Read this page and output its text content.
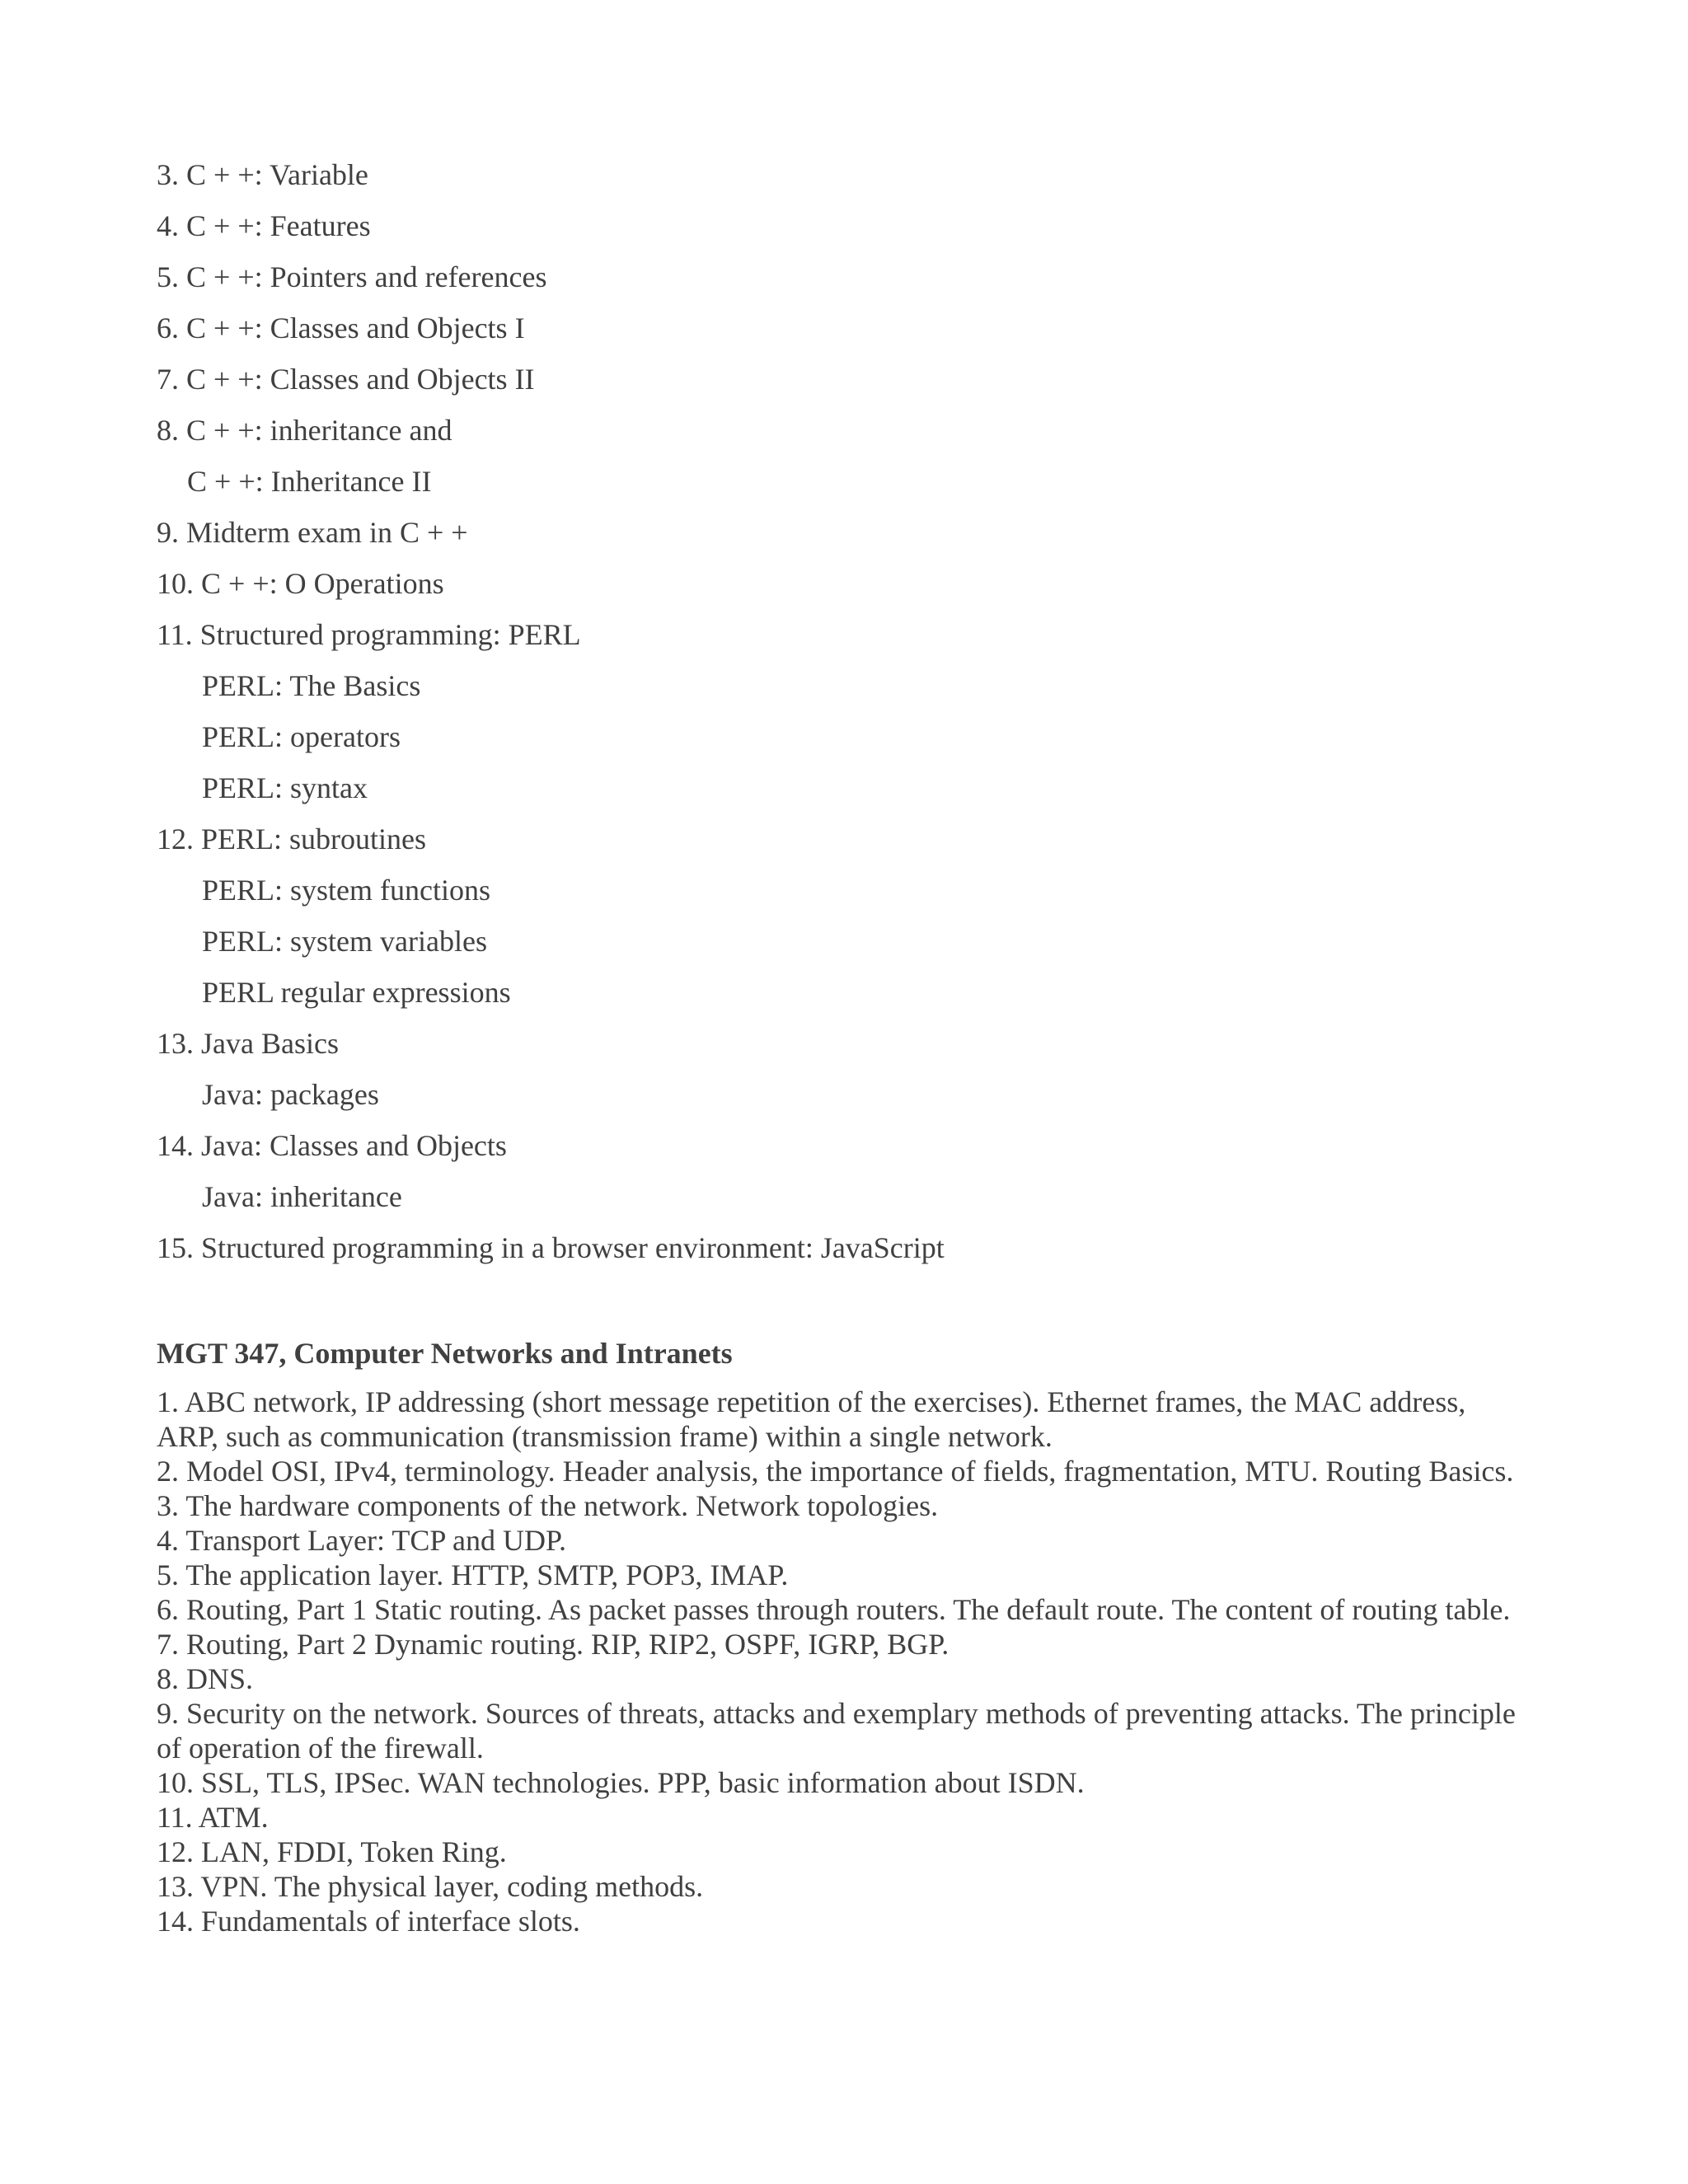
3. C + +: Variable
4. C + +: Features
5. C + +: Pointers and references
6. C + +: Classes and Objects I
7. C + +: Classes and Objects II
8. C + +: inheritance and
C + +: Inheritance II
9. Midterm exam in C + +
10. C + +: O Operations
11. Structured programming: PERL
PERL: The Basics
PERL: operators
PERL: syntax
12. PERL: subroutines
PERL: system functions
PERL: system variables
PERL regular expressions
13. Java Basics
Java: packages
14. Java: Classes and Objects
Java: inheritance
15. Structured programming in a browser environment: JavaScript
MGT 347, Computer Networks and Intranets

1. ABC network, IP addressing (short message repetition of the exercises). Ethernet frames, the MAC address, ARP, such as communication (transmission frame) within a single network.

2. Model OSI, IPv4, terminology. Header analysis, the importance of fields, fragmentation, MTU. Routing Basics.

3. The hardware components of the network. Network topologies.

4. Transport Layer: TCP and UDP.

5. The application layer. HTTP, SMTP, POP3, IMAP.

6. Routing, Part 1 Static routing. As packet passes through routers. The default route. The content of routing table.

7. Routing, Part 2 Dynamic routing. RIP, RIP2, OSPF, IGRP, BGP.

8. DNS.

9. Security on the network. Sources of threats, attacks and exemplary methods of preventing attacks. The principle of operation of the firewall.

10. SSL, TLS, IPSec. WAN technologies. PPP, basic information about ISDN.

11. ATM.

12. LAN, FDDI, Token Ring.

13. VPN. The physical layer, coding methods.

14. Fundamentals of interface slots.
